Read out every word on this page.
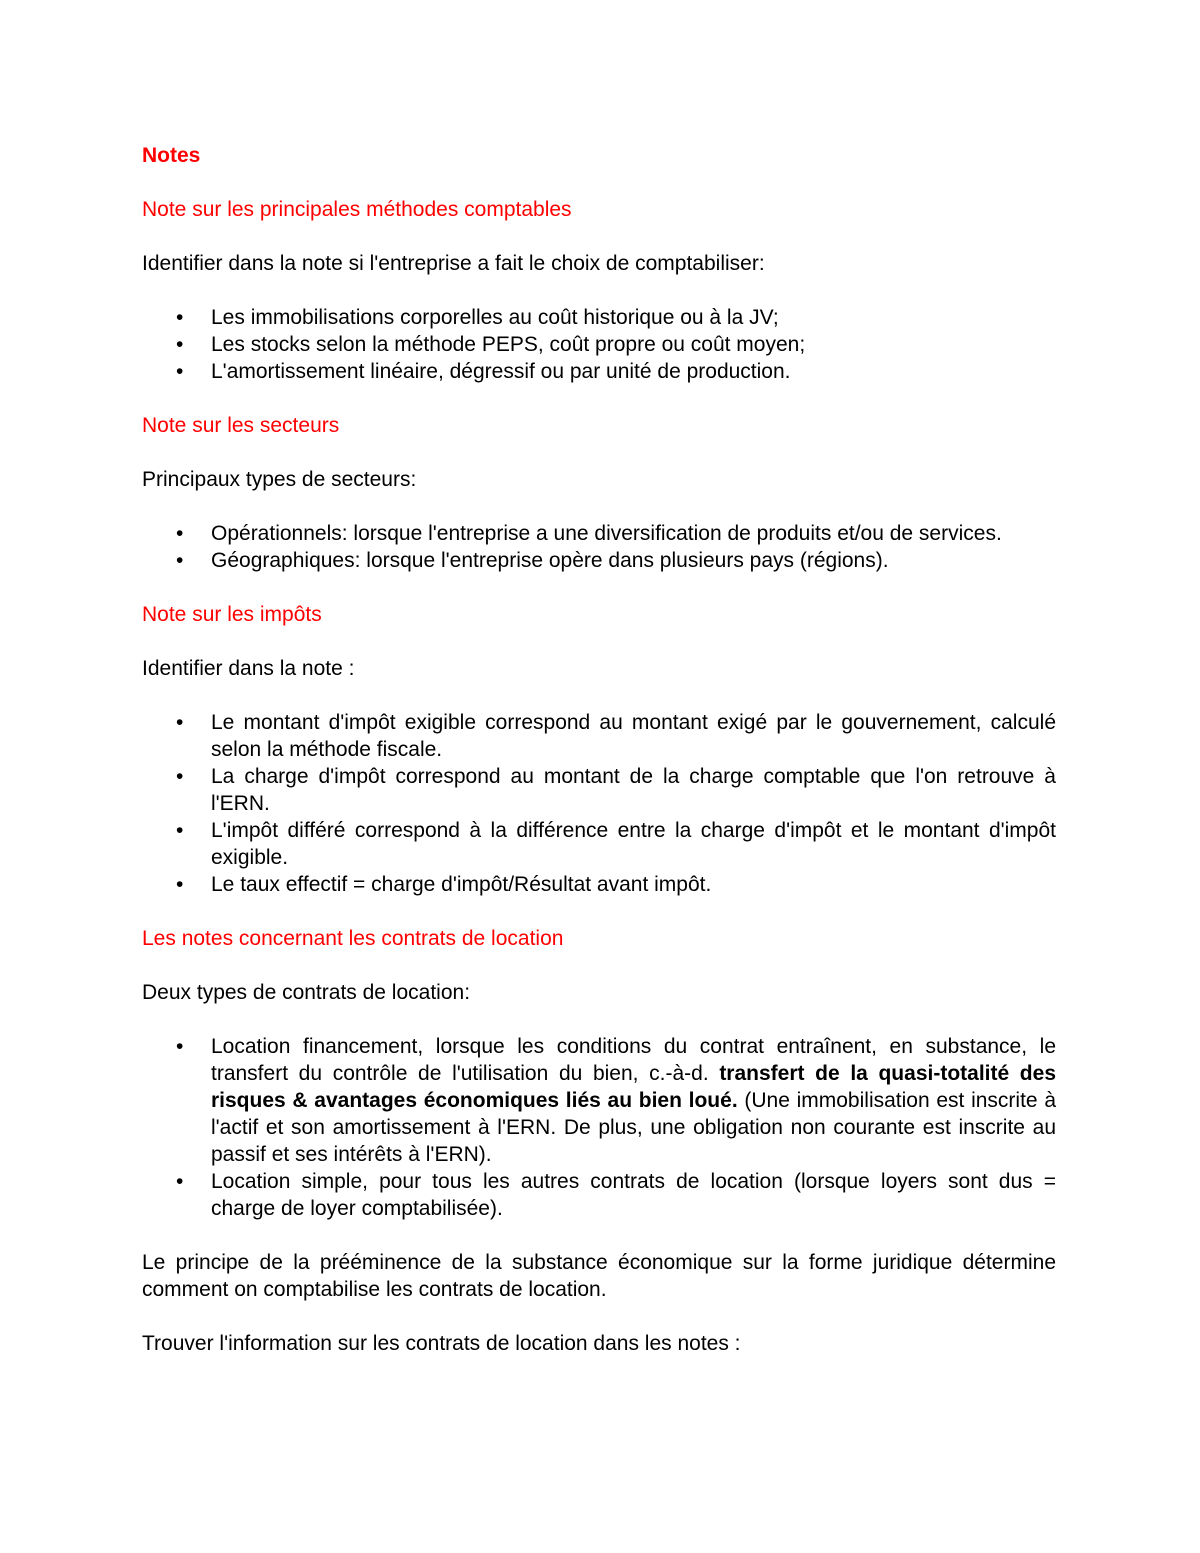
Notes
Note sur les principales méthodes comptables

Identifier dans la note si l'entreprise a fait le choix de comptabiliser:

• Les immobilisations corporelles au coût historique ou à la JV;
• Les stocks selon la méthode PEPS, coût propre ou coût moyen;
• L'amortissement linéaire, dégressif ou par unité de production.
Note sur les secteurs

Principaux types de secteurs:

• Opérationnels: lorsque l'entreprise a une diversification de produits et/ou de services.
• Géographiques: lorsque l'entreprise opère dans plusieurs pays (régions).
Note sur les impôts

Identifier dans la note :

• Le montant d'impôt exigible correspond au montant exigé par le gouvernement, calculé selon la méthode fiscale.
• La charge d'impôt correspond au montant de la charge comptable que l'on retrouve à l'ERN.
• L'impôt différé correspond à la différence entre la charge d'impôt et le montant d'impôt exigible.
• Le taux effectif = charge d'impôt/Résultat avant impôt.
Les notes concernant les contrats de location

Deux types de contrats de location:

• Location financement, lorsque les conditions du contrat entraînent, en substance, le transfert du contrôle de l'utilisation du bien, c.-à-d. transfert de la quasi-totalité des risques & avantages économiques liés au bien loué. (Une immobilisation est inscrite à l'actif et son amortissement à l'ERN. De plus, une obligation non courante est inscrite au passif et ses intérêts à l'ERN).
• Location simple, pour tous les autres contrats de location (lorsque loyers sont dus = charge de loyer comptabilisée).

Le principe de la prééminence de la substance économique sur la forme juridique détermine comment on comptabilise les contrats de location.

Trouver l'information sur les contrats de location dans les notes :
